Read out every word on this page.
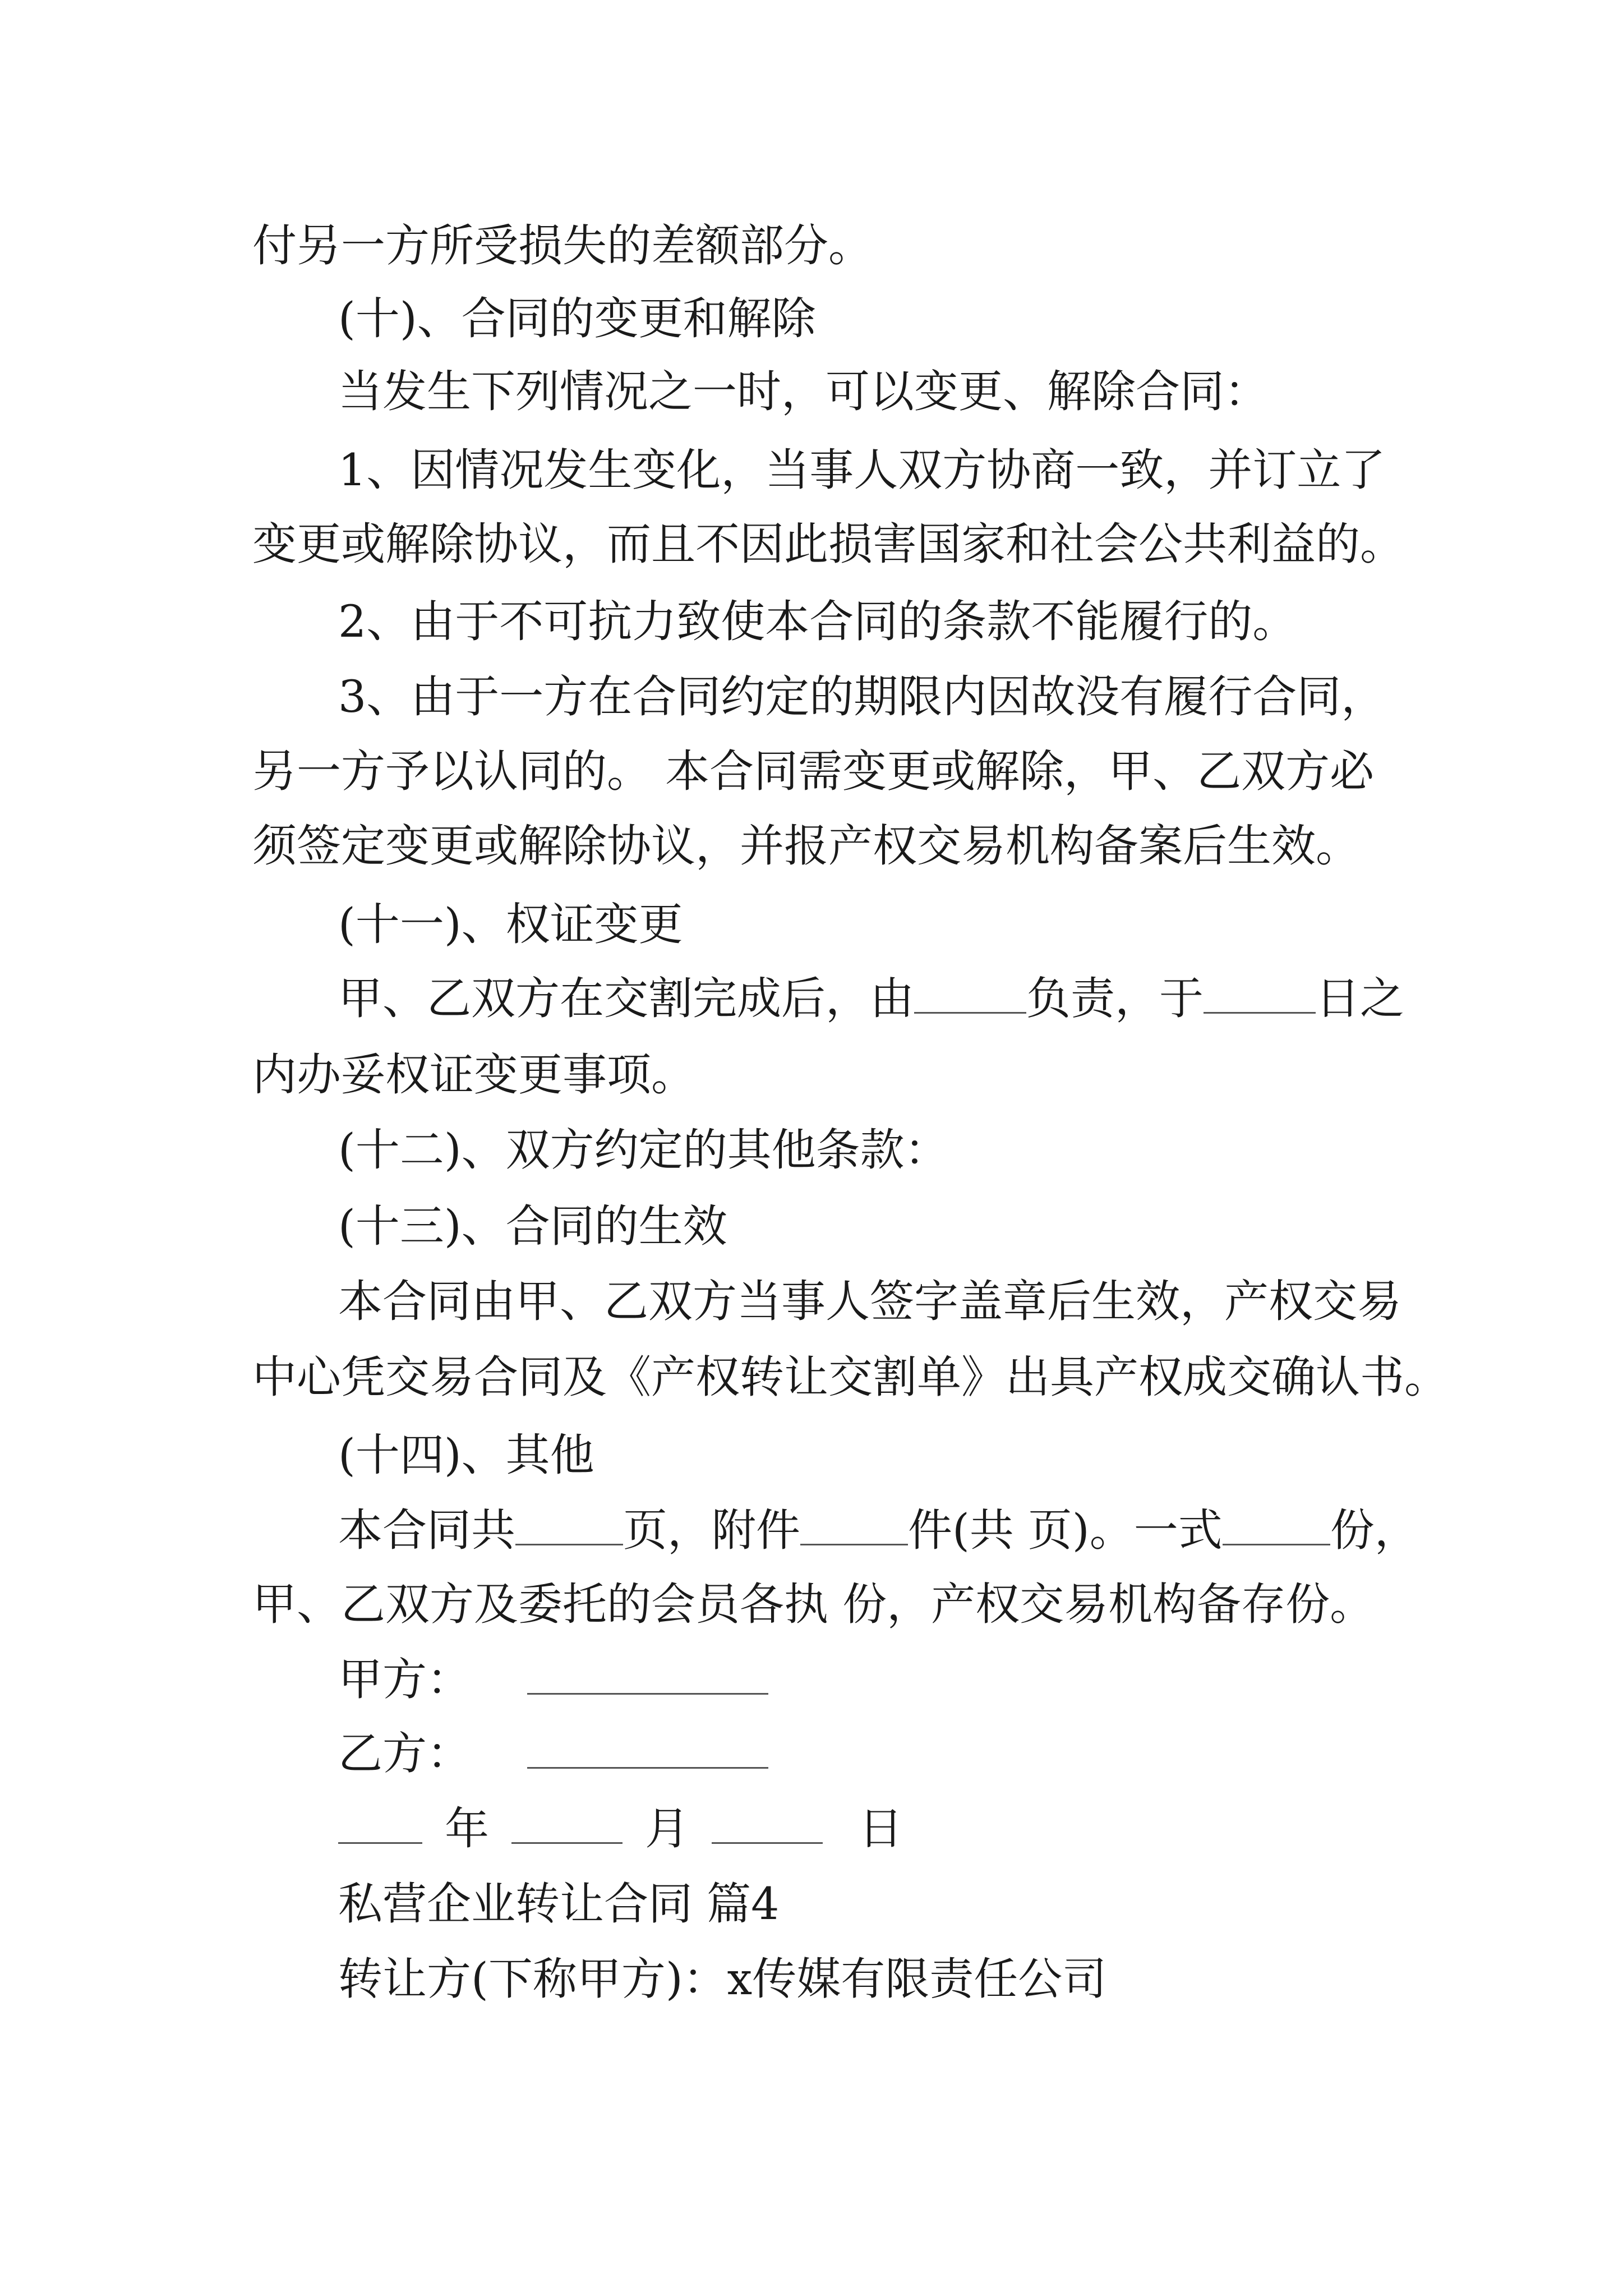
付另一方所受损失的差额部分。
(十)、合同的变更和解除
当发生下列情况之一时，可以变更、解除合同：
1、因情况发生变化，当事人双方协商一致，并订立了
变更或解除协议，而且不因此损害国家和社会公共利益的。
2、由于不可抗力致使本合同的条款不能履行的。
3、由于一方在合同约定的期限内因故没有履行合同，
另一方予以认同的。 本合同需变更或解除，甲、乙双方必
须签定变更或解除协议，并报产权交易机构备案后生效。
(十一)、权证变更
甲、乙双方在交割完成后，由	负责，于	日之
内办妥权证变更事项。
(十二)、双方约定的其他条款：
(十三)、合同的生效
本合同由甲、乙双方当事人签字盖章后生效，产权交易
中心凭交易合同及《产权转让交割单》出具产权成交确认书。
(十四)、其他
本合同共 页，附件 件(共 页)。一式 份，
甲、乙双方及委托的会员各执 份，产权交易机构备存份。
甲方：
乙方：
年	月	日
私营企业转让合同 篇4
转让方(下称甲方)：x传媒有限责任公司
